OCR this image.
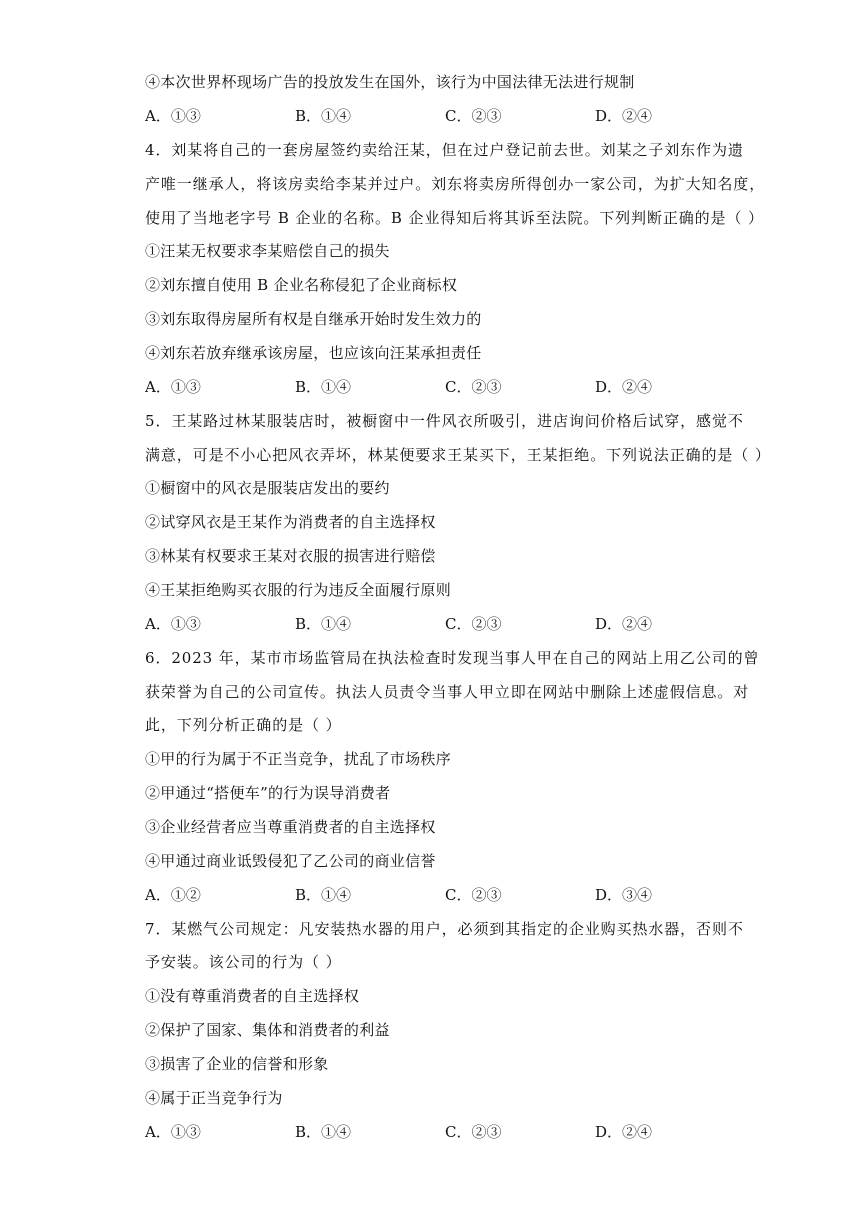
④本次世界杯现场广告的投放发生在国外，该行为中国法律无法进行规制
A．①③	B．①④	C．②③	D．②④
4．刘某将自己的一套房屋签约卖给汪某，但在过户登记前去世。刘某之子刘东作为遗
产唯一继承人，将该房卖给李某并过户。刘东将卖房所得创办一家公司，为扩大知名度，
使用了当地老字号 B 企业的名称。B 企业得知后将其诉至法院。下列判断正确的是（ ）
①汪某无权要求李某赔偿自己的损失
②刘东擅自使用 B 企业名称侵犯了企业商标权
③刘东取得房屋所有权是自继承开始时发生效力的
④刘东若放弃继承该房屋，也应该向汪某承担责任
A．①③	B．①④	C．②③	D．②④
5．王某路过林某服装店时，被橱窗中一件风衣所吸引，进店询问价格后试穿，感觉不
满意，可是不小心把风衣弄坏，林某便要求王某买下，王某拒绝。下列说法正确的是（ ）
①橱窗中的风衣是服装店发出的要约
②试穿风衣是王某作为消费者的自主选择权
③林某有权要求王某对衣服的损害进行赔偿
④王某拒绝购买衣服的行为违反全面履行原则
A．①③	B．①④	C．②③	D．②④
6．2023 年，某市市场监管局在执法检查时发现当事人甲在自己的网站上用乙公司的曾
获荣誉为自己的公司宣传。执法人员责令当事人甲立即在网站中删除上述虚假信息。对
此，下列分析正确的是（ ）
①甲的行为属于不正当竞争，扰乱了市场秩序
②甲通过“搭便车”的行为误导消费者
③企业经营者应当尊重消费者的自主选择权
④甲通过商业诋毁侵犯了乙公司的商业信誉
A．①②	B．①④	C．②③	D．③④
7．某燃气公司规定：凡安装热水器的用户，必须到其指定的企业购买热水器，否则不
予安装。该公司的行为（ ）
①没有尊重消费者的自主选择权
②保护了国家、集体和消费者的利益
③损害了企业的信誉和形象
④属于正当竞争行为
A．①③	B．①④	C．②③	D．②④
